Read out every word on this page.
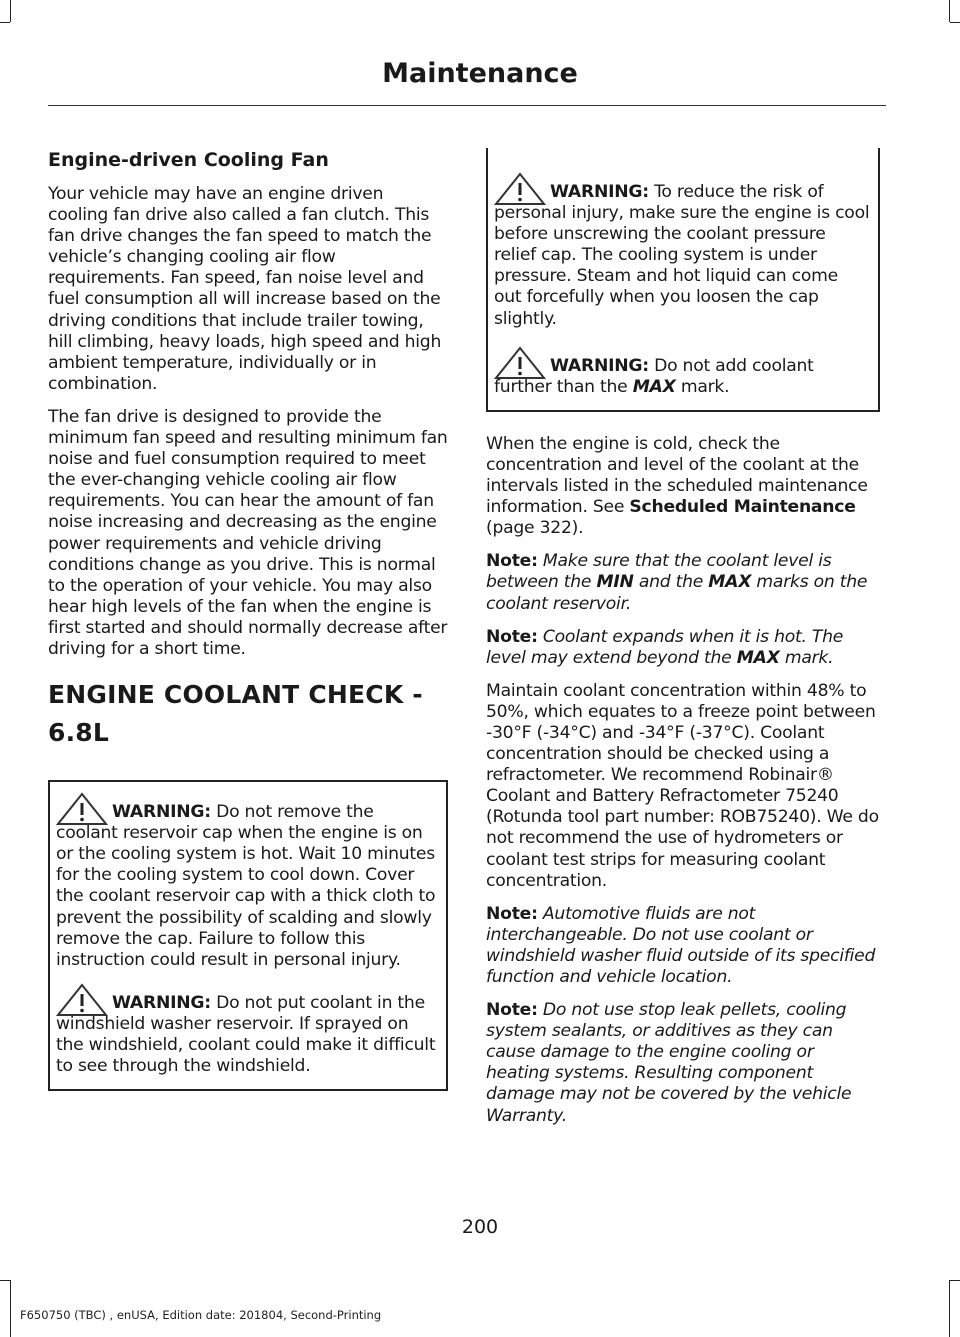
Maintenance
Engine-driven Cooling Fan

Your vehicle may have an engine driven cooling fan drive also called a fan clutch. This fan drive changes the fan speed to match the vehicle’s changing cooling air flow requirements. Fan speed, fan noise level and fuel consumption all will increase based on the driving conditions that include trailer towing, hill climbing, heavy loads, high speed and high ambient temperature, individually or in combination.

The fan drive is designed to provide the minimum fan speed and resulting minimum fan noise and fuel consumption required to meet the ever-changing vehicle cooling air flow requirements. You can hear the amount of fan noise increasing and decreasing as the engine power requirements and vehicle driving conditions change as you drive. This is normal to the operation of your vehicle. You may also hear high levels of the fan when the engine is first started and should normally decrease after driving for a short time.

ENGINE COOLANT CHECK -
6.8L
WARNING: Do not remove the coolant reservoir cap when the engine is on or the cooling system is hot. Wait 10 minutes for the cooling system to cool down. Cover the coolant reservoir cap with a thick cloth to prevent the possibility of scalding and slowly remove the cap. Failure to follow this instruction could result in personal injury.
WARNING: Do not put coolant in the windshield washer reservoir. If sprayed on the windshield, coolant could make it difficult to see through the windshield.
WARNING: To reduce the risk of personal injury, make sure the engine is cool before unscrewing the coolant pressure relief cap. The cooling system is under pressure. Steam and hot liquid can come out forcefully when you loosen the cap slightly.
WARNING: Do not add coolant further than the MAX mark.

When the engine is cold, check the concentration and level of the coolant at the intervals listed in the scheduled maintenance information. See Scheduled Maintenance (page 322).

Note: Make sure that the coolant level is between the MIN and the MAX marks on the coolant reservoir.

Note: Coolant expands when it is hot. The level may extend beyond the MAX mark.

Maintain coolant concentration within 48% to 50%, which equates to a freeze point between -30°F (-34°C) and -34°F (-37°C). Coolant concentration should be checked using a refractometer. We recommend Robinair® Coolant and Battery Refractometer 75240 (Rotunda tool part number: ROB75240). We do not recommend the use of hydrometers or coolant test strips for measuring coolant concentration.

Note: Automotive fluids are not interchangeable. Do not use coolant or windshield washer fluid outside of its specified function and vehicle location.

Note: Do not use stop leak pellets, cooling system sealants, or additives as they can cause damage to the engine cooling or heating systems. Resulting component damage may not be covered by the vehicle Warranty.

200
F650750 (TBC) , enUSA, Edition date: 201804, Second-Printing
